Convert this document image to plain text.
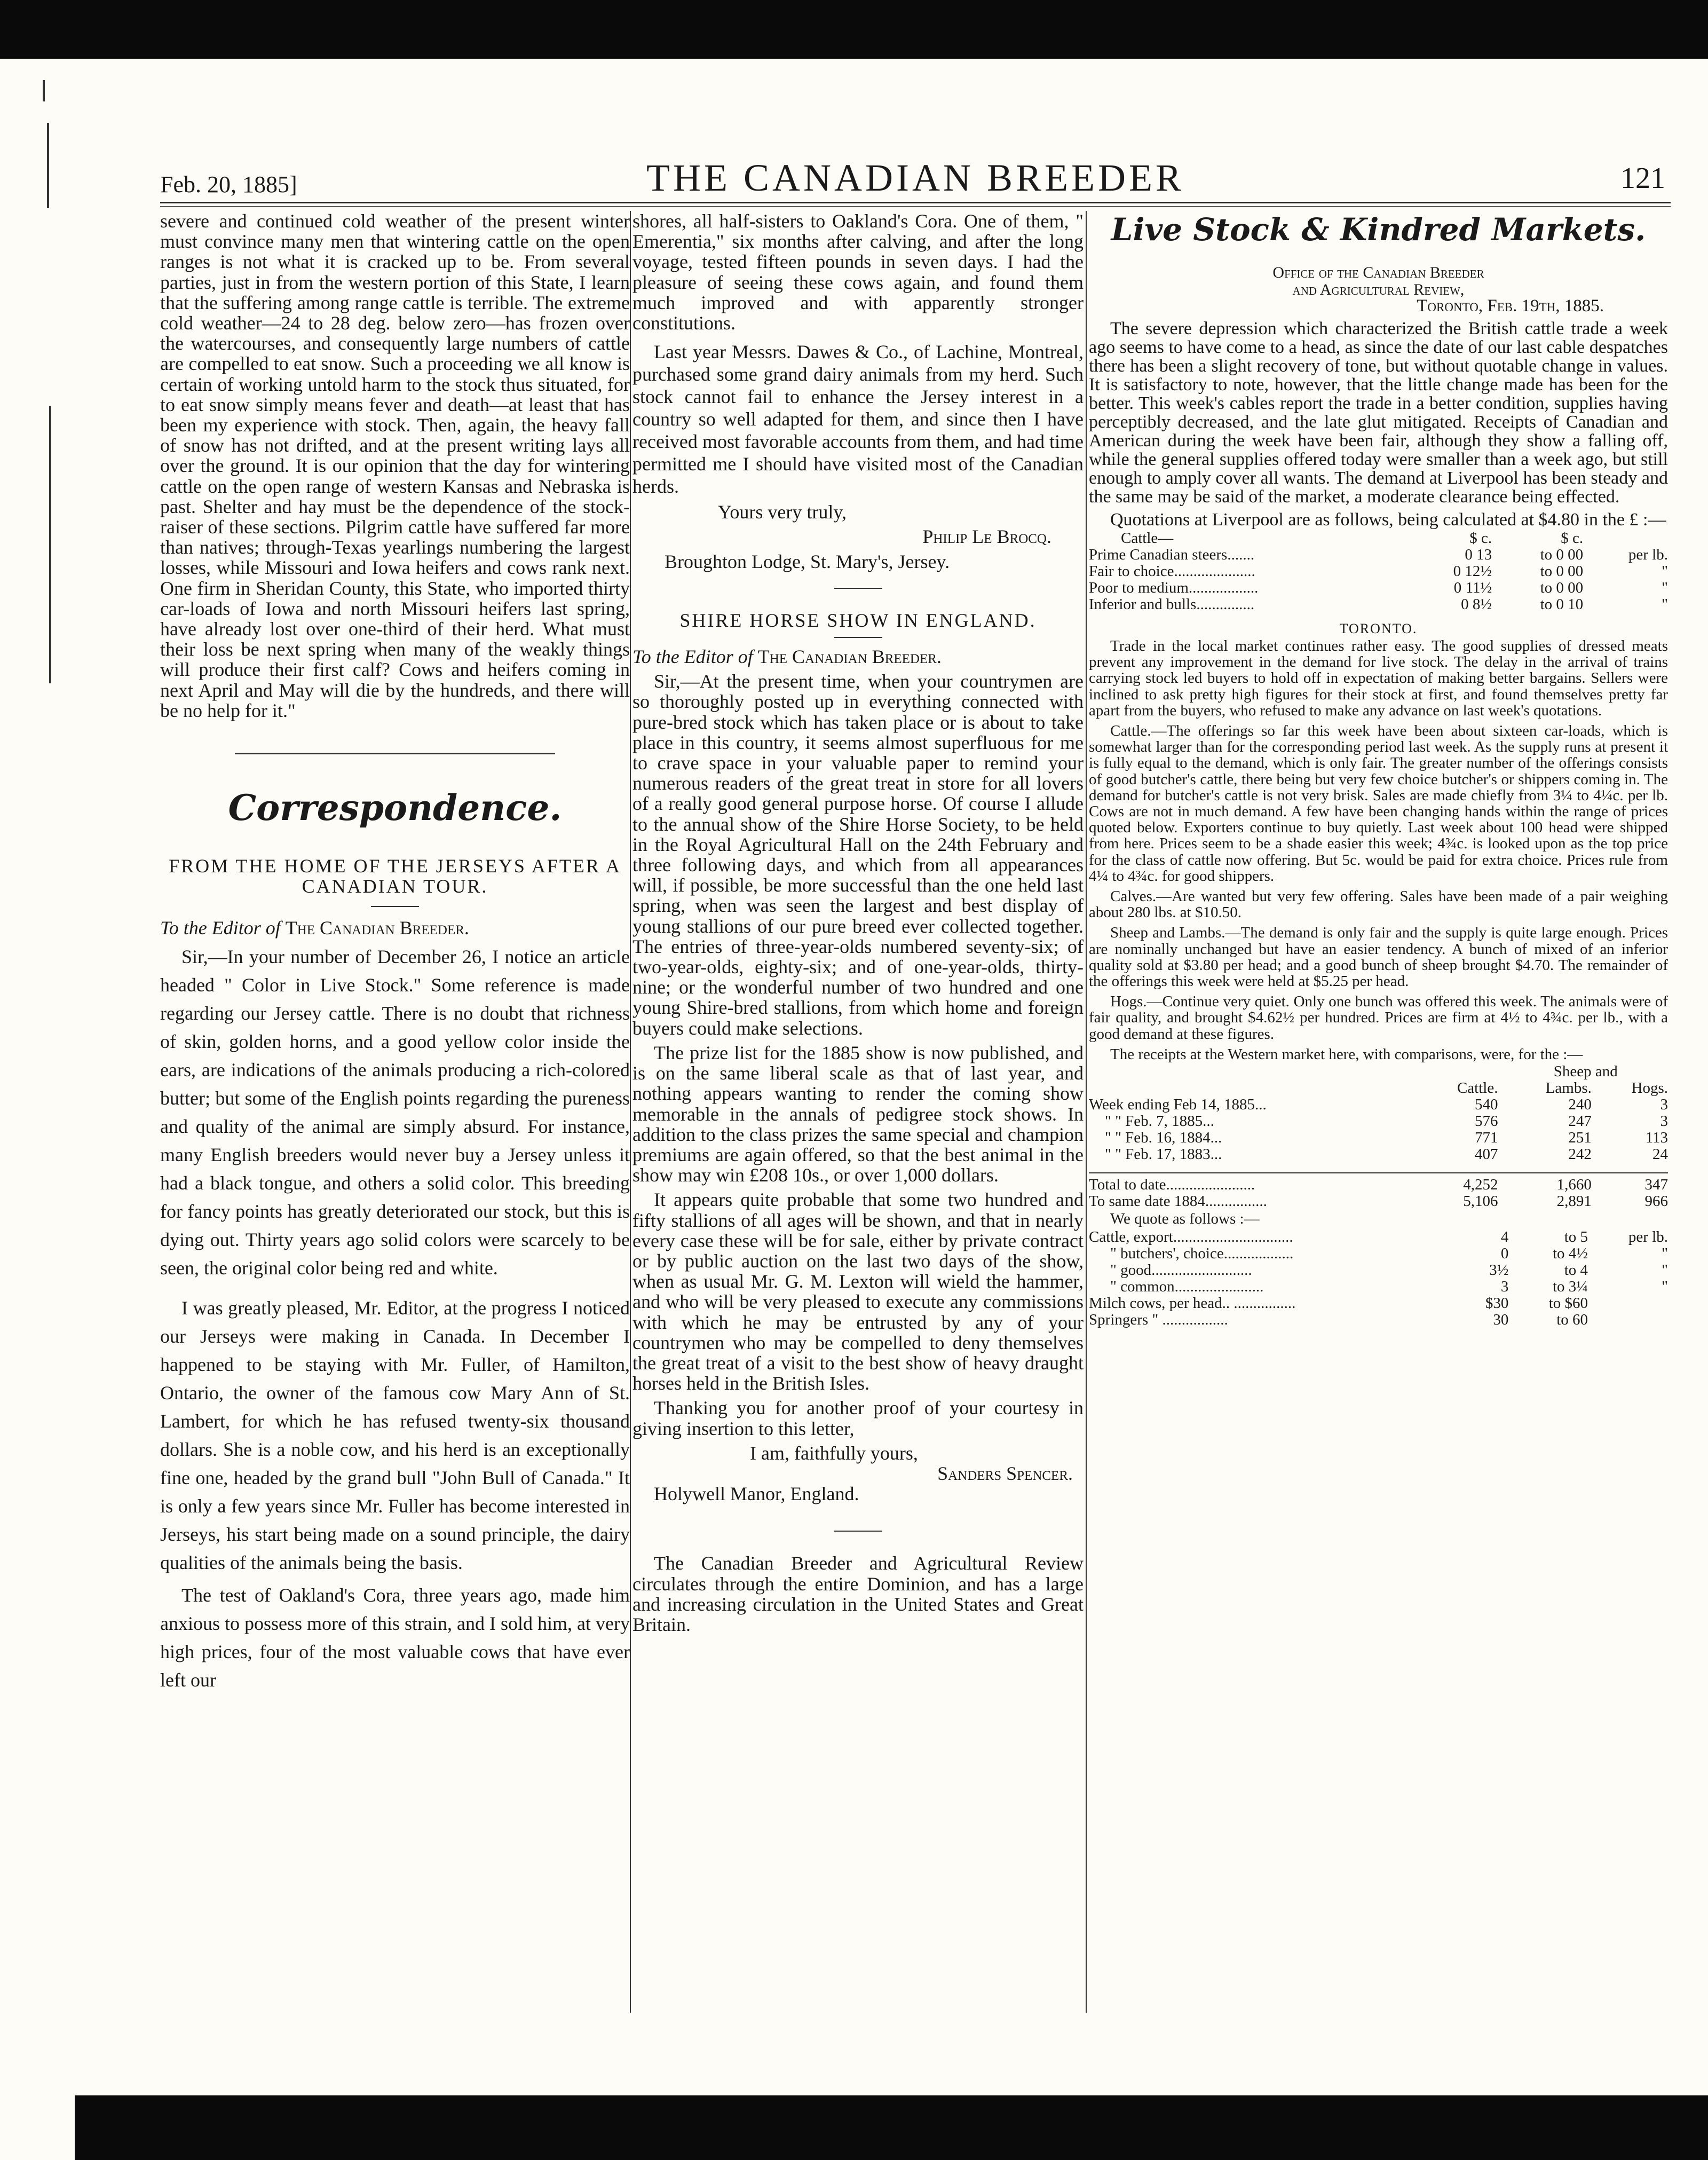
Feb. 20, 1885]	THE CANADIAN BREEDER	121

severe and continued cold weather of the present winter must convince many men that wintering cattle on the open ranges is not what it is cracked up to be. From several parties, just in from the western portion of this State, I learn that the suffering among range cattle is terrible. The extreme cold weather—24 to 28 deg. below zero—has frozen over the watercourses, and consequently large numbers of cattle are compelled to eat snow. Such a proceeding we all know is certain of working untold harm to the stock thus situated, for to eat snow simply means fever and death—at least that has been my experience with stock. Then, again, the heavy fall of snow has not drifted, and at the present writing lays all over the ground. It is our opinion that the day for wintering cattle on the open range of western Kansas and Nebraska is past. Shelter and hay must be the dependence of the stock-raiser of these sections. Pilgrim cattle have suffered far more than natives; through-Texas yearlings numbering the largest losses, while Missouri and Iowa heifers and cows rank next. One firm in Sheridan County, this State, who imported thirty car-loads of Iowa and north Missouri heifers last spring, have already lost over one-third of their herd. What must their loss be next spring when many of the weakly things will produce their first calf? Cows and heifers coming in next April and May will die by the hundreds, and there will be no help for it."

Correspondence.

FROM THE HOME OF THE JERSEYS AFTER A CANADIAN TOUR.

To the Editor of The Canadian Breeder.

Sir,—In your number of December 26, I notice an article headed " Color in Live Stock." Some reference is made regarding our Jersey cattle. There is no doubt that richness of skin, golden horns, and a good yellow color inside the ears, are indications of the animals producing a rich-colored butter; but some of the English points regarding the pureness and quality of the animal are simply absurd. For instance, many English breeders would never buy a Jersey unless it had a black tongue, and others a solid color. This breeding for fancy points has greatly deteriorated our stock, but this is dying out. Thirty years ago solid colors were scarcely to be seen, the original color being red and white.

I was greatly pleased, Mr. Editor, at the progress I noticed our Jerseys were making in Canada. In December I happened to be staying with Mr. Fuller, of Hamilton, Ontario, the owner of the famous cow Mary Ann of St. Lambert, for which he has refused twenty-six thousand dollars. She is a noble cow, and his herd is an exceptionally fine one, headed by the grand bull "John Bull of Canada." It is only a few years since Mr. Fuller has become interested in Jerseys, his start being made on a sound principle, the dairy qualities of the animals being the basis.

The test of Oakland's Cora, three years ago, made him anxious to possess more of this strain, and I sold him, at very high prices, four of the most valuable cows that have ever left our

shores, all half-sisters to Oakland's Cora. One of them, " Emerentia," six months after calving, and after the long voyage, tested fifteen pounds in seven days. I had the pleasure of seeing these cows again, and found them much improved and with apparently stronger constitutions.

Last year Messrs. Dawes & Co., of Lachine, Montreal, purchased some grand dairy animals from my herd. Such stock cannot fail to enhance the Jersey interest in a country so well adapted for them, and since then I have received most favorable accounts from them, and had time permitted me I should have visited most of the Canadian herds.

Yours very truly,

Philip Le Brocq.

Broughton Lodge, St. Mary's, Jersey.

SHIRE HORSE SHOW IN ENGLAND.

To the Editor of The Canadian Breeder.

Sir,—At the present time, when your countrymen are so thoroughly posted up in everything connected with pure-bred stock which has taken place or is about to take place in this country, it seems almost superfluous for me to crave space in your valuable paper to remind your numerous readers of the great treat in store for all lovers of a really good general purpose horse. Of course I allude to the annual show of the Shire Horse Society, to be held in the Royal Agricultural Hall on the 24th February and three following days, and which from all appearances will, if possible, be more successful than the one held last spring, when was seen the largest and best display of young stallions of our pure breed ever collected together. The entries of three-year-olds numbered seventy-six; of two-year-olds, eighty-six; and of one-year-olds, thirty-nine; or the wonderful number of two hundred and one young Shire-bred stallions, from which home and foreign buyers could make selections.

The prize list for the 1885 show is now published, and is on the same liberal scale as that of last year, and nothing appears wanting to render the coming show memorable in the annals of pedigree stock shows. In addition to the class prizes the same special and champion premiums are again offered, so that the best animal in the show may win £208 10s., or over 1,000 dollars.

It appears quite probable that some two hundred and fifty stallions of all ages will be shown, and that in nearly every case these will be for sale, either by private contract or by public auction on the last two days of the show, when as usual Mr. G. M. Lexton will wield the hammer, and who will be very pleased to execute any commissions with which he may be entrusted by any of your countrymen who may be compelled to deny themselves the great treat of a visit to the best show of heavy draught horses held in the British Isles.

Thanking you for another proof of your courtesy in giving insertion to this letter,

I am, faithfully yours,

Sanders Spencer.

Holywell Manor, England.

The Canadian Breeder and Agricultural Review circulates through the entire Dominion, and has a large and increasing circulation in the United States and Great Britain.

Live Stock & Kindred Markets.

Office of the Canadian Breeder

and Agricultural Review,

Toronto, Feb. 19th, 1885.

The severe depression which characterized the British cattle trade a week ago seems to have come to a head, as since the date of our last cable despatches there has been a slight recovery of tone, but without quotable change in values. It is satisfactory to note, however, that the little change made has been for the better. This week's cables report the trade in a better condition, supplies having perceptibly decreased, and the late glut mitigated. Receipts of Canadian and American during the week have been fair, although they show a falling off, while the general supplies offered today were smaller than a week ago, but still enough to amply cover all wants. The demand at Liverpool has been steady and the same may be said of the market, a moderate clearance being effected.

Quotations at Liverpool are as follows, being calculated at $4.80 in the £ :—

Cattle—	$ c.	$ c.	
Prime Canadian steers.......	0 13	to 0 00	per lb.
Fair to choice.....................	0 12½	to 0 00	"
Poor to medium..................	0 11½	to 0 00	"
Inferior and bulls...............	0 8½	to 0 10	"

TORONTO.

Trade in the local market continues rather easy. The good supplies of dressed meats prevent any improvement in the demand for live stock. The delay in the arrival of trains carrying stock led buyers to hold off in expectation of making better bargains. Sellers were inclined to ask pretty high figures for their stock at first, and found themselves pretty far apart from the buyers, who refused to make any advance on last week's quotations.

Cattle.—The offerings so far this week have been about sixteen car-loads, which is somewhat larger than for the corresponding period last week. As the supply runs at present it is fully equal to the demand, which is only fair. The greater number of the offerings consists of good butcher's cattle, there being but very few choice butcher's or shippers coming in. The demand for butcher's cattle is not very brisk. Sales are made chiefly from 3¼ to 4¼c. per lb. Cows are not in much demand. A few have been changing hands within the range of prices quoted below. Exporters continue to buy quietly. Last week about 100 head were shipped from here. Prices seem to be a shade easier this week; 4¾c. is looked upon as the top price for the class of cattle now offering. But 5c. would be paid for extra choice. Prices rule from 4¼ to 4¾c. for good shippers.

Calves.—Are wanted but very few offering. Sales have been made of a pair weighing about 280 lbs. at $10.50.

Sheep and Lambs.—The demand is only fair and the supply is quite large enough. Prices are nominally unchanged but have an easier tendency. A bunch of mixed of an inferior quality sold at $3.80 per head; and a good bunch of sheep brought $4.70. The remainder of the offerings this week were held at $5.25 per head.

Hogs.—Continue very quiet. Only one bunch was offered this week. The animals were of fair quality, and brought $4.62½ per hundred. Prices are firm at 4½ to 4¾c. per lb., with a good demand at these figures.

The receipts at the Western market here, with comparisons, were, for the :—

		Sheep and	
	Cattle.	Lambs.	Hogs.
Week ending Feb 14, 1885...	540	240	3
" " Feb. 7, 1885...	576	247	3
" " Feb. 16, 1884...	771	251	113
" " Feb. 17, 1883...	407	242	24
Total to date.......................	4,252	1,660	347
To same date 1884................	5,106	2,891	966

We quote as follows :—

Cattle, export...............................	4	to 5	per lb.
" butchers', choice..................	0	to 4½	"
" good..........................	3½	to 4	"
" common.......................	3	to 3¼	"
Milch cows, per head.. ................	$30	to $60	
Springers " .................	30	to 60	
